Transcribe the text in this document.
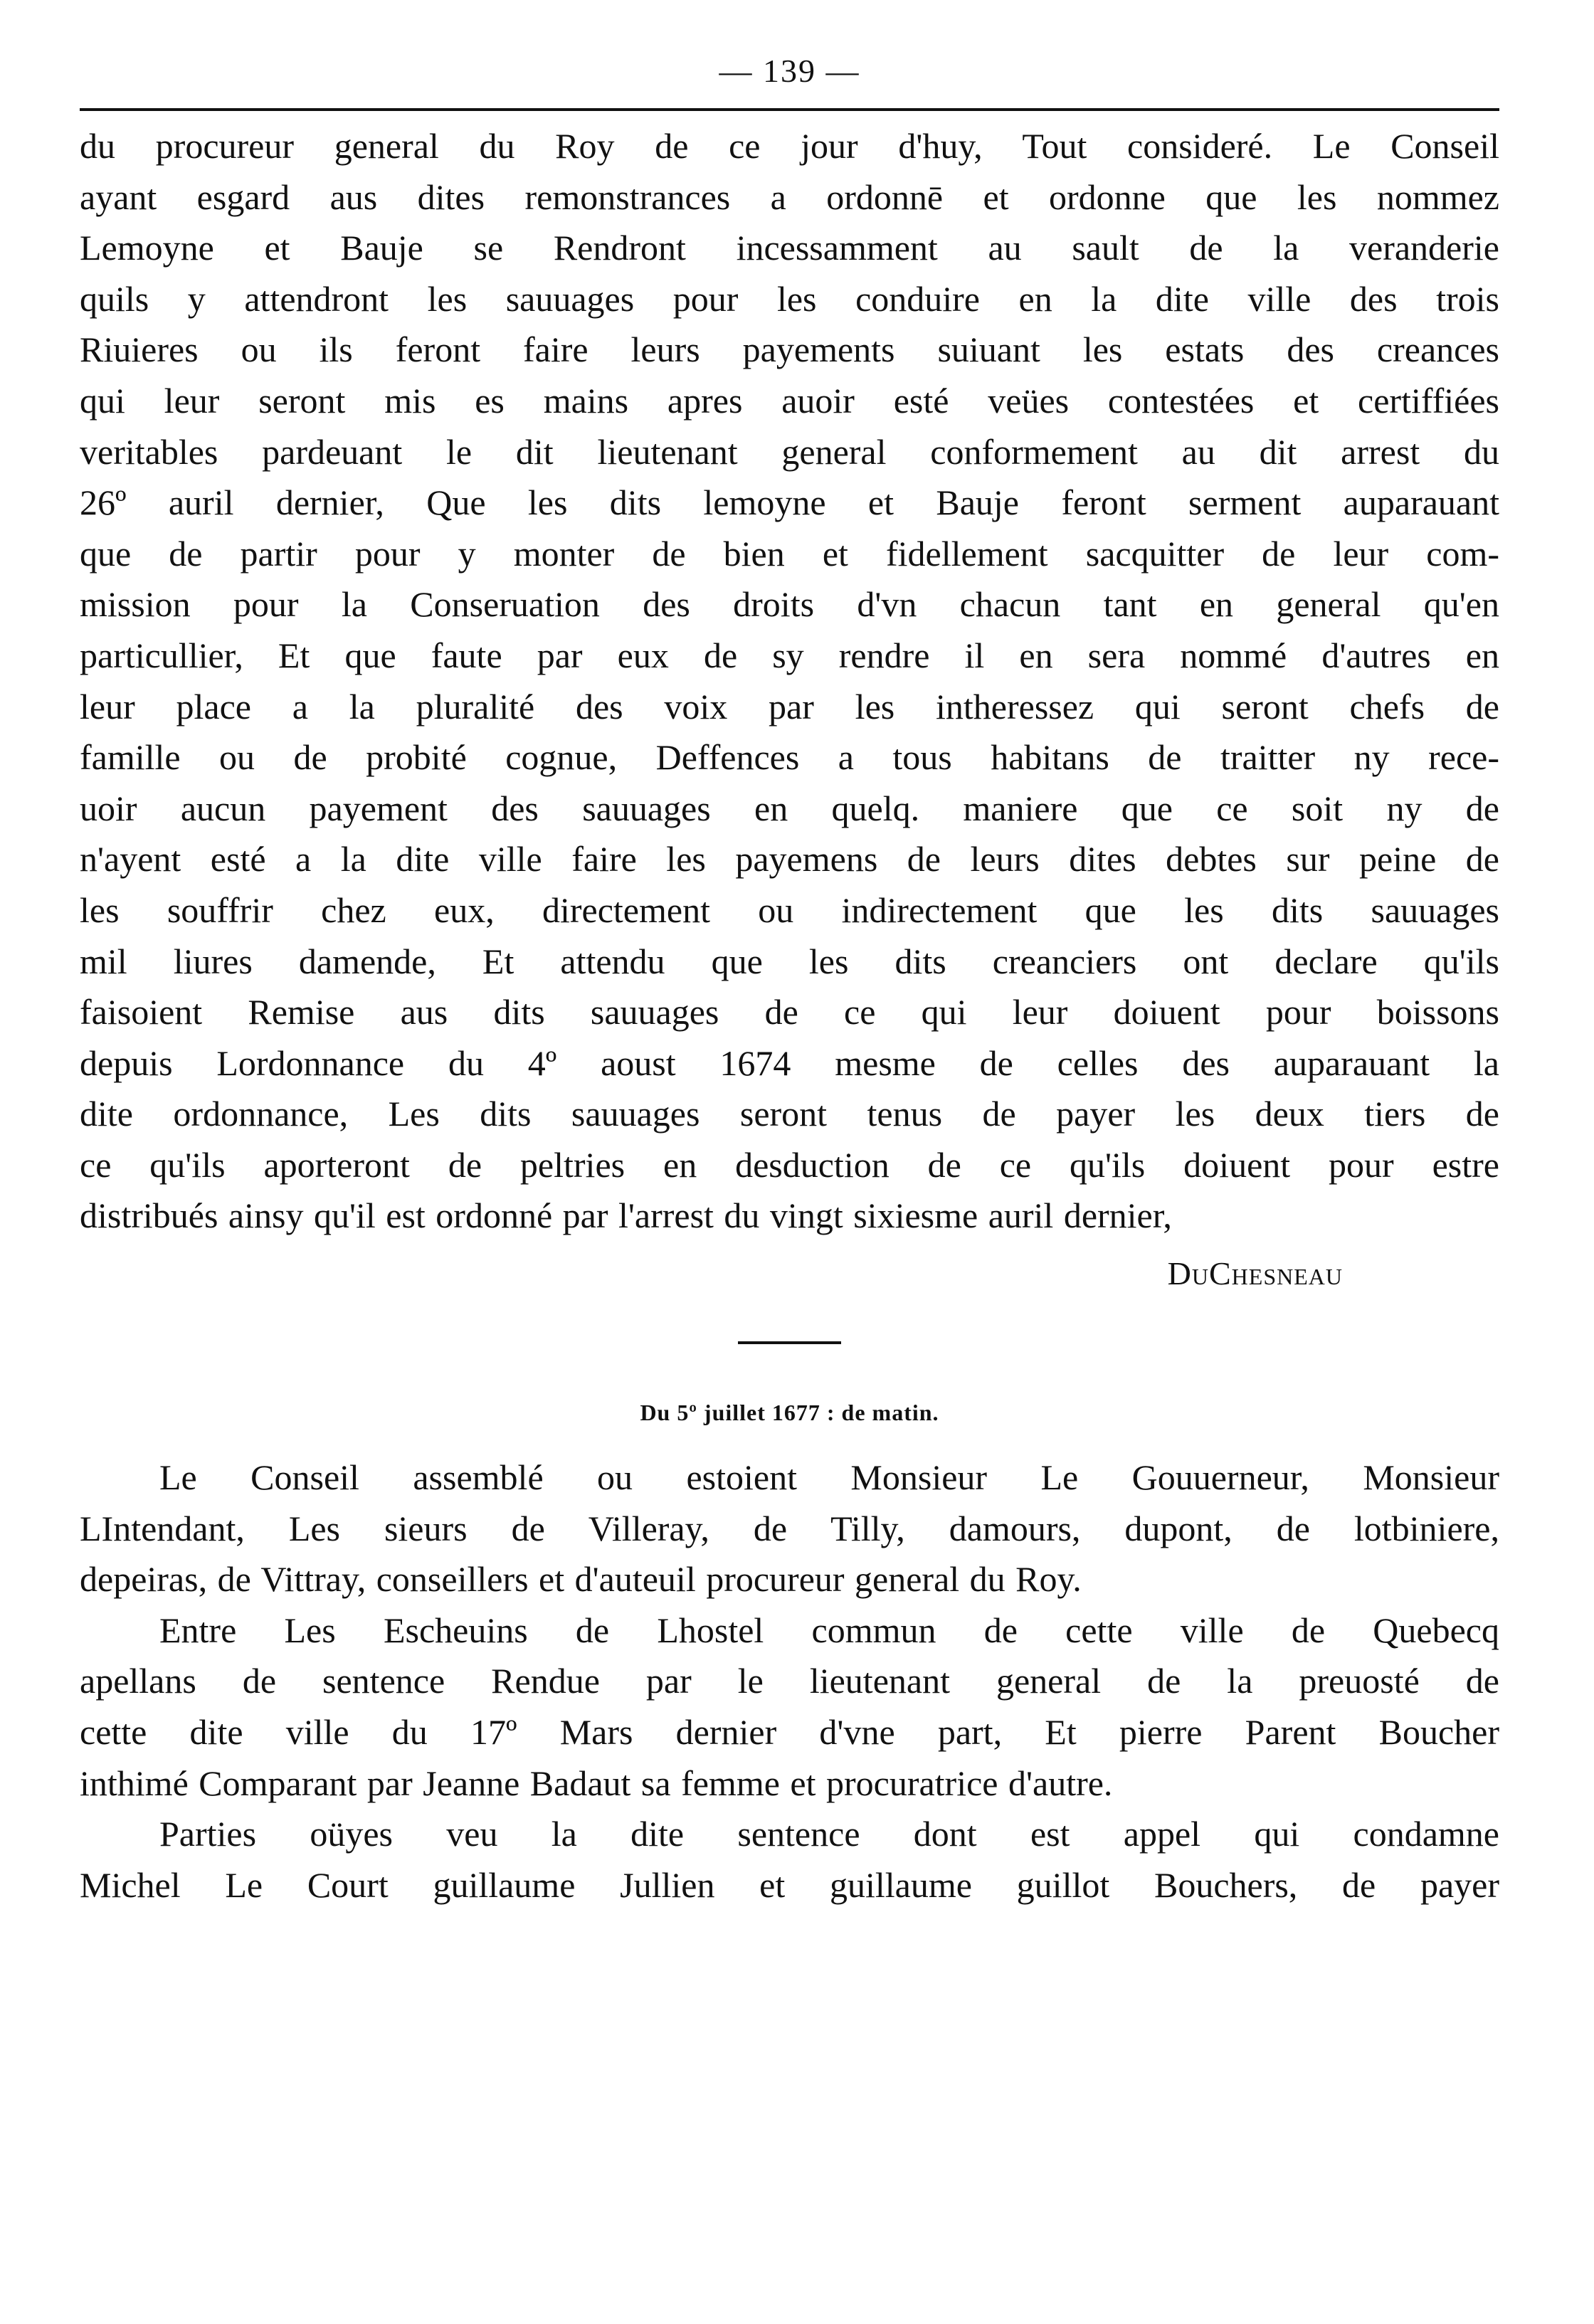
— 139 —
du procureur general du Roy de ce jour d'huy, Tout consideré. Le Conseil
ayant esgard aus dites remonstrances a ordonnē et ordonne que les nommez
Lemoyne et Bauje se Rendront incessamment au sault de la veranderie
quils y attendront les sauuages pour les conduire en la dite ville des trois
Riuieres ou ils feront faire leurs payements suiuant les estats des creances
qui leur seront mis es mains apres auoir esté veües contestées et certiffiées
veritables pardeuant le dit lieutenant general conformement au dit arrest du
26º auril dernier, Que les dits lemoyne et Bauje feront serment auparauant
que de partir pour y monter de bien et fidellement sacquitter de leur com-
mission pour la Conseruation des droits d'vn chacun tant en general qu'en
particullier, Et que faute par eux de sy rendre il en sera nommé d'autres en
leur place a la pluralité des voix par les intheressez qui seront chefs de
famille ou de probité cognue, Deffences a tous habitans de traitter ny rece-
uoir aucun payement des sauuages en quelq. maniere que ce soit ny de
n'ayent esté a la dite ville faire les payemens de leurs dites debtes sur peine de
les souffrir chez eux, directement ou indirectement que les dits sauuages
mil liures damende, Et attendu que les dits creanciers ont declare qu'ils
faisoient Remise aus dits sauuages de ce qui leur doiuent pour boissons
depuis Lordonnance du 4º aoust 1674 mesme de celles des auparauant la
dite ordonnance, Les dits sauuages seront tenus de payer les deux tiers de
ce qu'ils aporteront de peltries en desduction de ce qu'ils doiuent pour estre
distribués ainsy qu'il est ordonné par l'arrest du vingt sixiesme auril dernier,
DuChesneau
Du 5º juillet 1677 : de matin.
Le Conseil assemblé ou estoient Monsieur Le Gouuerneur, Monsieur
LIntendant, Les sieurs de Villeray, de Tilly, damours, dupont, de lotbiniere,
depeiras, de Vittray, conseillers et d'auteuil procureur general du Roy.
Entre Les Escheuins de Lhostel commun de cette ville de Quebecq
apellans de sentence Rendue par le lieutenant general de la preuosté de
cette dite ville du 17º Mars dernier d'vne part, Et pierre Parent Boucher
inthimé Comparant par Jeanne Badaut sa femme et procuratrice d'autre.
Parties oüyes veu la dite sentence dont est appel qui condamne
Michel Le Court guillaume Jullien et guillaume guillot Bouchers, de payer
